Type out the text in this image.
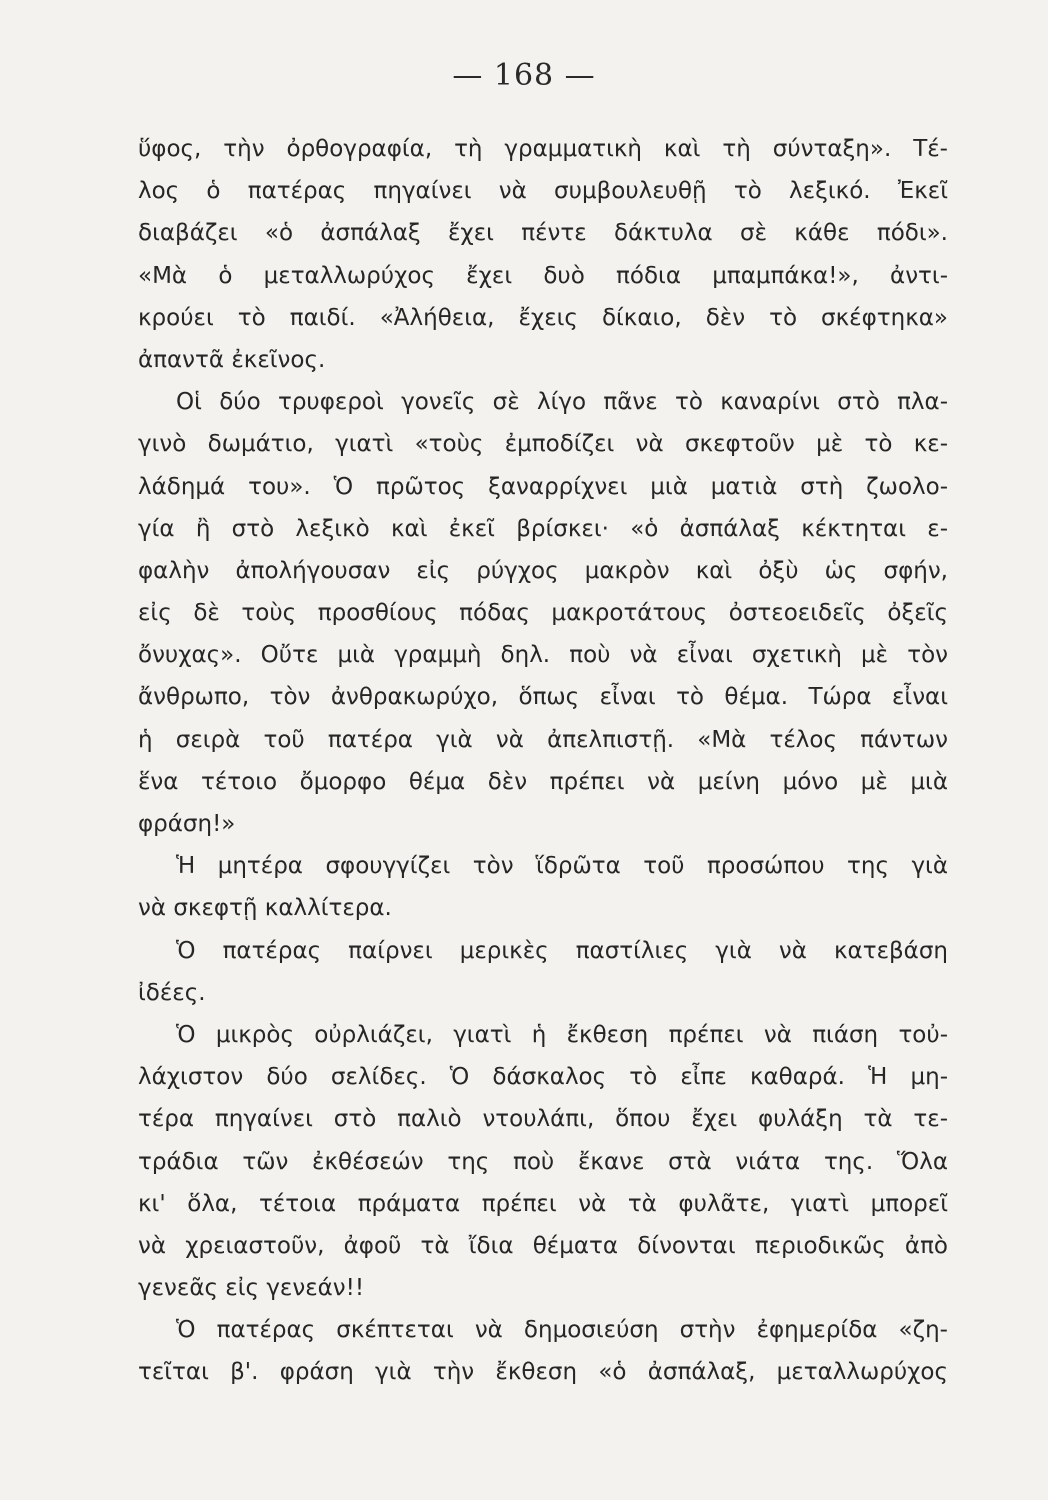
— 168 —
ὕφος, τὴν ὀρθογραφία, τὴ γραμματικὴ καὶ τὴ σύνταξη». Τέ-
λος ὁ πατέρας πηγαίνει νὰ συμβουλευθῇ τὸ λεξικό. Ἐκεῖ
διαβάζει «ὁ ἀσπάλαξ ἔχει πέντε δάκτυλα σὲ κάθε πόδι».
«Μὰ ὁ μεταλλωρύχος ἔχει δυὸ πόδια μπαμπάκα!», ἀντι-
κρούει τὸ παιδί. «Ἀλήθεια, ἔχεις δίκαιο, δὲν τὸ σκέφτηκα»
ἀπαντᾶ ἐκεῖνος.
Οἱ δύο τρυφεροὶ γονεῖς σὲ λίγο πᾶνε τὸ καναρίνι στὸ πλα-
γινὸ δωμάτιο, γιατὶ «τοὺς ἐμποδίζει νὰ σκεφτοῦν μὲ τὸ κε-
λάδημά του». Ὁ πρῶτος ξαναρρίχνει μιὰ ματιὰ στὴ ζωολο-
γία ἢ στὸ λεξικὸ καὶ ἐκεῖ βρίσκει· «ὁ ἀσπάλαξ κέκτηται ε-
φαλὴν ἀπολήγουσαν εἰς ρύγχος μακρὸν καὶ ὀξὺ ὡς σφήν,
εἰς δὲ τοὺς προσθίους πόδας μακροτάτους ὀστεοειδεῖς ὀξεῖς
ὄνυχας». Οὔτε μιὰ γραμμὴ δηλ. ποὺ νὰ εἶναι σχετικὴ μὲ τὸν
ἄνθρωπο, τὸν ἀνθρακωρύχο, ὅπως εἶναι τὸ θέμα. Τώρα εἶναι
ἡ σειρὰ τοῦ πατέρα γιὰ νὰ ἀπελπιστῇ. «Μὰ τέλος πάντων
ἕνα τέτοιο ὄμορφο θέμα δὲν πρέπει νὰ μείνη μόνο μὲ μιὰ
φράση!»
Ἡ μητέρα σφουγγίζει τὸν ἵδρῶτα τοῦ προσώπου της γιὰ
νὰ σκεφτῇ καλλίτερα.
Ὁ πατέρας παίρνει μερικὲς παστίλιες γιὰ νὰ κατεβάση
ἰδέες.
Ὁ μικρὸς οὐρλιάζει, γιατὶ ἡ ἔκθεση πρέπει νὰ πιάση τοὐ-
λάχιστον δύο σελίδες. Ὁ δάσκαλος τὸ εἶπε καθαρά. Ἡ μη-
τέρα πηγαίνει στὸ παλιὸ ντουλάπι, ὅπου ἔχει φυλάξη τὰ τε-
τράδια τῶν ἐκθέσεών της ποὺ ἔκανε στὰ νιάτα της. Ὅλα
κι' ὅλα, τέτοια πράματα πρέπει νὰ τὰ φυλᾶτε, γιατὶ μπορεῖ
νὰ χρειαστοῦν, ἀφοῦ τὰ ἴδια θέματα δίνονται περιοδικῶς ἀπὸ
γενεᾶς εἰς γενεάν!!
Ὁ πατέρας σκέπτεται νὰ δημοσιεύση στὴν ἐφημερίδα «ζη-
τεῖται β'. φράση γιὰ τὴν ἔκθεση «ὁ ἀσπάλαξ, μεταλλωρύχος
